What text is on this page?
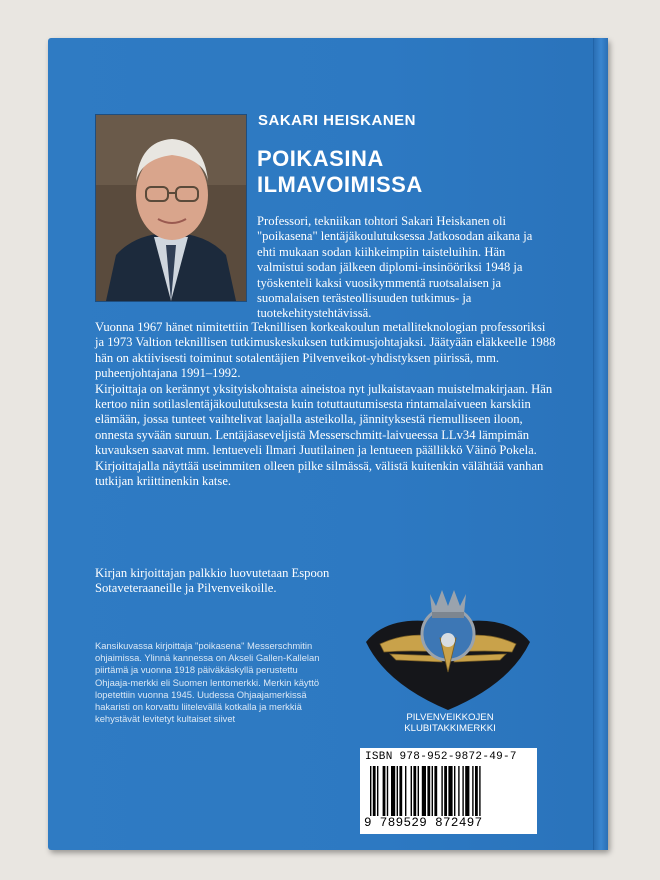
SAKARI HEISKANEN
POIKASINA
ILMAVOIMISSA

Professori, tekniikan tohtori Sakari Heiskanen oli "poikasena" lentäjäkoulutuksessa Jatkosodan aikana ja ehti mukaan sodan kiihkeimpiin taisteluihin. Hän valmistui sodan jälkeen diplomi-insinööriksi 1948 ja työskenteli kaksi vuosikymmentä ruotsalaisen ja suomalaisen terästeollisuuden tutkimus- ja tuotekehitystehtävissä.

Vuonna 1967 hänet nimitettiin Teknillisen korkeakoulun metalliteknologian professoriksi ja 1973 Valtion teknillisen tutkimuskeskuksen tutkimusjohtajaksi. Jäätyään eläkkeelle 1988 hän on aktiivisesti toiminut sotalentäjien Pilvenveikot-yhdistyksen piirissä, mm. puheenjohtajana 1991–1992.

Kirjoittaja on kerännyt yksityiskohtaista aineistoa nyt julkaistavaan muistelmakirjaan. Hän kertoo niin sotilaslentäjäkoulutuksesta kuin totuttautumisesta rintamalaivueen karskiin elämään, jossa tunteet vaihtelivat laajalla asteikolla, jännityksestä riemulliseen iloon, onnesta syvään suruun. Lentäjäaseveljistä Messerschmitt-laivueessa LLv34 lämpimän kuvauksen saavat mm. lentueveli Ilmari Juutilainen ja lentueen päällikkö Väinö Pokela. Kirjoittajalla näyttää useimmiten olleen pilke silmässä, välistä kuitenkin välähtää vanhan tutkijan kriittinenkin katse.

Kirjan kirjoittajan palkkio luovutetaan Espoon Sotaveteraaneille ja Pilvenveikoille.

Kansikuvassa kirjoittaja "poikasena" Messerschmitin ohjaimissa. Ylinnä kannessa on Akseli Gallen-Kallelan piirtämä ja vuonna 1918 päiväkäskyllä perustettu Ohjaaja-merkki eli Suomen lentomerkki. Merkin käyttö lopetettiin vuonna 1945. Uudessa Ohjaajamerkissä hakaristi on korvattu liitelevällä kotkalla ja merkkiä kehystävät levitetyt kultaiset siivet	PILVENVEIKKOJEN KLUBITAKKIMERKKI
ISBN 978-952-9872-49-7
9 789529 872497
